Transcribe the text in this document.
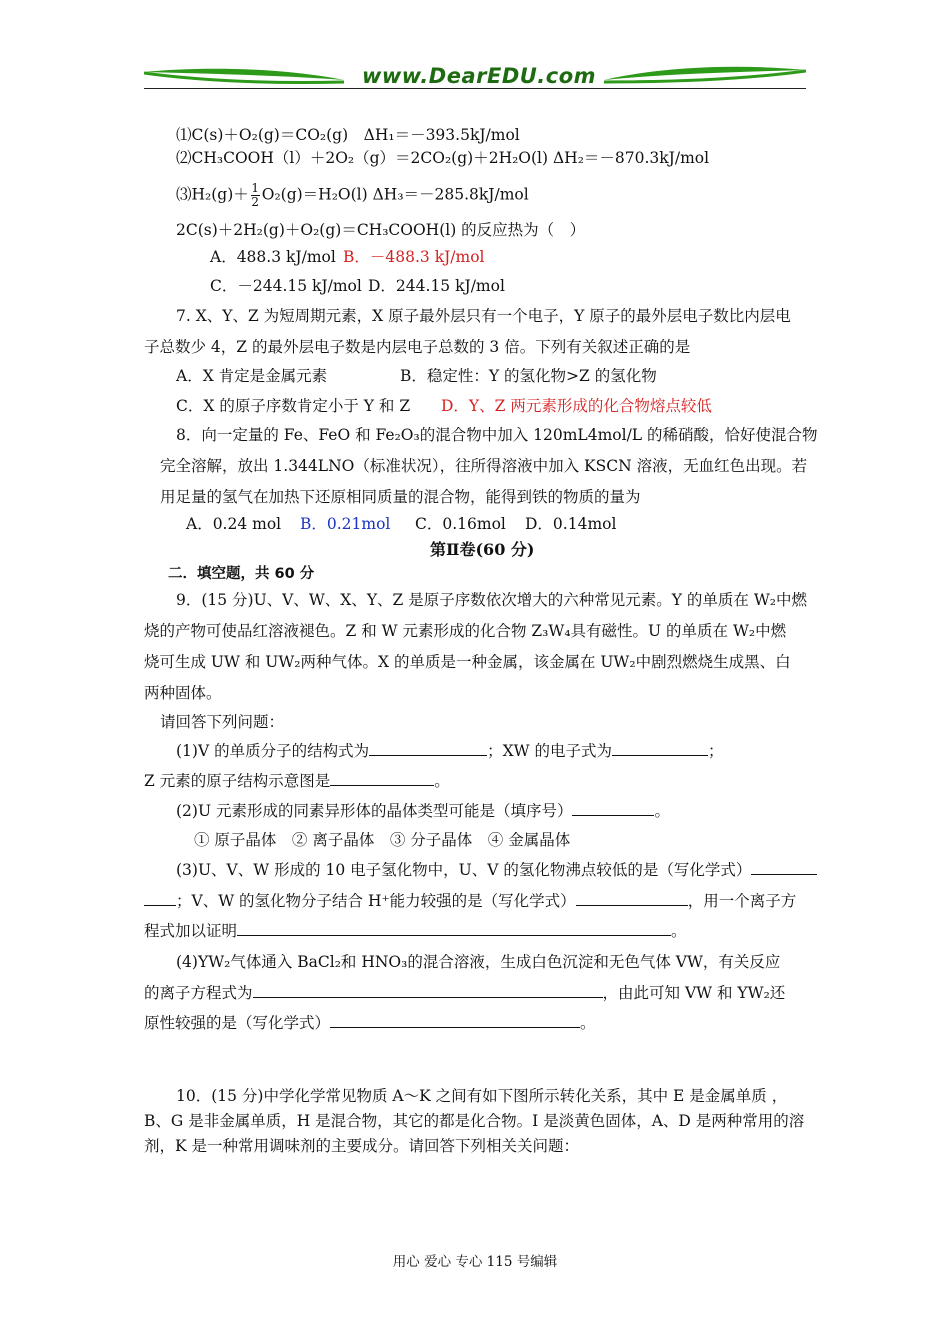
www.DearEDU.com
⑴C(s)＋O₂(g)＝CO₂(g)　ΔH₁＝－393.5kJ/mol
⑵CH₃COOH（l）＋2O₂（g）＝2CO₂(g)＋2H₂O(l) ΔH₂＝－870.3kJ/mol
⑶H₂(g)＋ $\frac{1}{2} O_2(g)=H_2O(l)$ ΔH₃＝－285.8kJ/mol
2C(s)＋2H₂(g)＋O₂(g)＝CH₃COOH(l) 的反应热为（　）
A．488.3 kJ/mol B．－488.3 kJ/mol
C．－244.15 kJ/mol D．244.15 kJ/mol
7. X、Y、Z 为短周期元素，X 原子最外层只有一个电子，Y 原子的最外层电子数比内层电
子总数少 4，Z 的最外层电子数是内层电子总数的 3 倍。下列有关叙述正确的是
A．X 肯定是金属元素	B．稳定性：Y 的氢化物>Z 的氢化物
C．X 的原子序数肯定小于 Y 和 Z D．Y、Z 两元素形成的化合物熔点较低
8．向一定量的 Fe、FeO 和 Fe₂O₃的混合物中加入 120mL4mol/L 的稀硝酸，恰好使混合物
完全溶解，放出 1.344LNO（标准状况），往所得溶液中加入 KSCN 溶液，无血红色出现。若
用足量的氢气在加热下还原相同质量的混合物，能得到铁的物质的量为
A．0.24 mol B．0.21mol C．0.16mol D．0.14mol
第Ⅱ卷(60 分)
二．填空题，共 60 分
9．(15 分)U、V、W、X、Y、Z 是原子序数依次增大的六种常见元素。Y 的单质在 W₂中燃
烧的产物可使品红溶液褪色。Z 和 W 元素形成的化合物 Z₃W₄具有磁性。U 的单质在 W₂中燃
烧可生成 UW 和 UW₂两种气体。X 的单质是一种金属，该金属在 UW₂中剧烈燃烧生成黑、白
两种固体。
请回答下列问题：
(1)V 的单质分子的结构式为	；XW 的电子式为	；
Z 元素的原子结构示意图是	。
(2)U 元素形成的同素异形体的晶体类型可能是（填序号）	。
① 原子晶体　② 离子晶体　③ 分子晶体　④ 金属晶体
(3)U、V、W 形成的 10 电子氢化物中，U、V 的氢化物沸点较低的是（写化学式）
；V、W 的氢化物分子结合 H⁺能力较强的是（写化学式）	，用一个离子方
程式加以证明	。
(4)YW₂气体通入 BaCl₂和 HNO₃的混合溶液，生成白色沉淀和无色气体 VW，有关反应
的离子方程式为	，由此可知 VW 和 YW₂还
原性较强的是（写化学式）	。
10．(15 分)中学化学常见物质 A～K 之间有如下图所示转化关系，其中 E 是金属单质 ，
B、G 是非金属单质，H 是混合物，其它的都是化合物。I 是淡黄色固体，A、D 是两种常用的溶
剂，K 是一种常用调味剂的主要成分。请回答下列相关关问题：
用心 爱心 专心 115 号编辑
